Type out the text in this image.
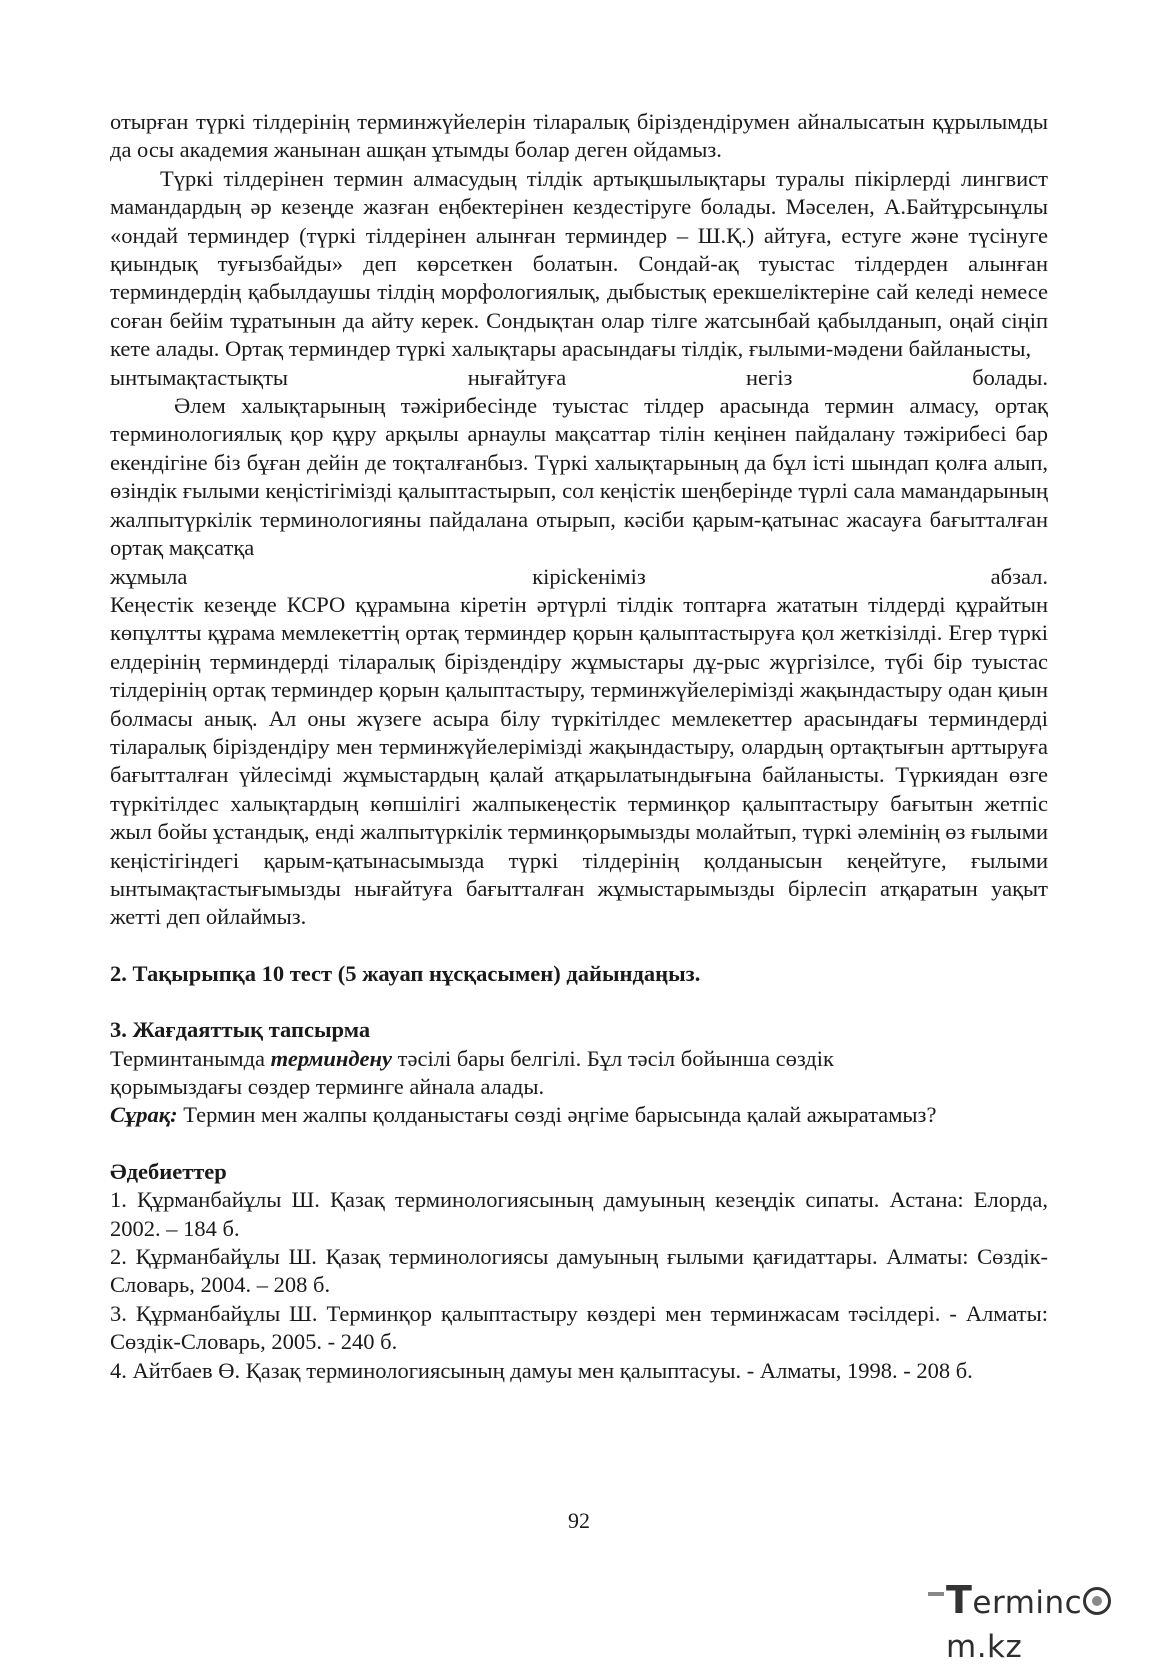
отырған түркі тілдерінің терминжүйелерін тіларалық біріздендірумен айналысатын құрылымды да осы академия жанынан ашқан ұтымды болар деген ойдамыз.

Түркі тілдерінен термин алмасудың тілдік артықшылықтары туралы пікірлерді лингвист мамандардың әр кезеңде жазған еңбектерінен кездестіруге болады. Мәселен, А.Байтұрсынұлы «ондай терминдер (түркі тілдерінен алынған терминдер – Ш.Қ.) айтуға, естуге және түсінуге қиындық туғызбайды» деп көрсеткен болатын. Сондай-ақ туыстас тілдерден алынған терминдердің қабылдаушы тілдің морфологиялық, дыбыстық ерекшеліктеріне сай келеді немесе соған бейім тұратынын да айту керек. Сондықтан олар тілге жатсынбай қабылданып, оңай сіңіп кете алады. Ортақ терминдер түркі халықтары арасындағы тілдік, ғылыми-мәдени байланысты,

ынтымақтастықты нығайтуға негіз болады.

Әлем халықтарының тәжірибесінде туыстас тілдер арасында термин алмасу, ортақ терминологиялық қор құру арқылы арнаулы мақсаттар тілін кеңінен пайдалану тәжірибесі бар екендігіне біз бұған дейін де тоқталғанбыз. Түркі халықтарының да бұл істі шындап қолға алып, өзіндік ғылыми кеңістігімізді қалыптастырып, сол кеңістік шеңберінде түрлі сала мамандарының жалпытүркілік терминологияны пайдалана отырып, кәсіби қарым-қатынас жасауға бағытталған ортақ мақсатқа

жұмыла кірісkеніміз абзал.

Кеңестік кезеңде КСРО құрамына кіретін әртүрлі тілдік топтарға жататын тілдерді құрайтын көпұлтты құрама мемлекеттің ортақ терминдер қорын қалыптастыруға қол жеткізілді. Егер түркі елдерінің терминдерді тіларалық біріздендіру жұмыстары дұ-рыс жүргізілсе, түбі бір туыстас тілдерінің ортақ терминдер қорын қалыптастыру, терминжүйелерімізді жақындастыру одан қиын болмасы анық. Ал оны жүзеге асыра білу түркітілдес мемлекеттер арасындағы терминдерді тіларалық біріздендіру мен терминжүйелерімізді жақындастыру, олардың ортақтығын арттыруға бағытталған үйлесімді жұмыстардың қалай атқарылатындығына байланысты. Түркиядан өзге түркітілдес халықтардың көпшілігі жалпыкеңестік терминқор қалыптастыру бағытын жетпіс жыл бойы ұстандық, енді жалпытүркілік терминқорымызды молайтып, түркі әлемінің өз ғылыми кеңістігіндегі қарым-қатынасымызда түркі тілдерінің қолданысын кеңейтуге, ғылыми ынтымақтастығымызды нығайтуға бағытталған жұмыстарымызды бірлесіп атқаратын уақыт жетті деп ойлаймыз.

2. Тақырыпқа 10 тест (5 жауап нұсқасымен) дайындаңыз.

3. Жағдаяттық тапсырма

Терминтанымда терминдену тәсілі бары белгілі. Бұл тәсіл бойынша сөздік

қорымыздағы сөздер терминге айнала алады.

Сұрақ: Термин мен жалпы қолданыстағы сөзді әңгіме барысында қалай ажыратамыз?

Әдебиеттер

1. Құрманбайұлы Ш. Қазақ терминологиясының дамуының кезеңдік сипаты. Астана: Елорда, 2002. – 184 б.

2. Құрманбайұлы Ш. Қазақ терминологиясы дамуының ғылыми қағидаттары. Алматы: Сөздік-Словарь, 2004. – 208 б.

3. Құрманбайұлы Ш. Терминқор қалыптастыру көздері мен терминжасам тәсілдері. - Алматы: Сөздік-Словарь, 2005. - 240 б.

4. Айтбаев Ө. Қазақ терминологиясының дамуы мен қалыптасуы. - Алматы, 1998. - 208 б.

92
Termincm.kz
